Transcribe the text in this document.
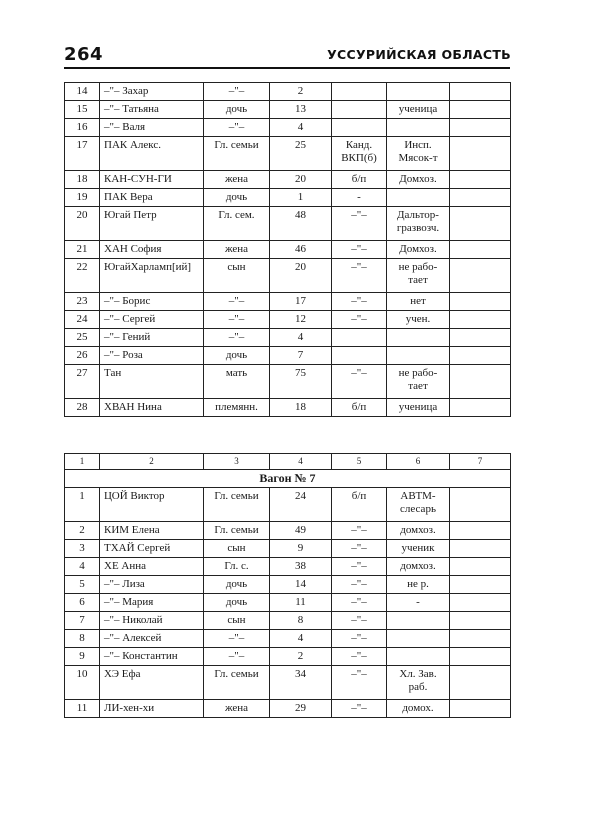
264	УССУРИЙСКАЯ ОБЛАСТЬ
14	–"– Захар	–"–	2			
15	–"– Татьяна	дочь	13		ученица	
16	–"– Валя	–"–	4			
17	ПАК Алекс.	Гл. семьи	25	Канд.
ВКП(б)	Инсп.
Мясок-т	
18	КАН-СУН-ГИ	жена	20	б/п	Домхоз.	
19	ПАК Вера	дочь	1	-		
20	Югай Петр	Гл. сем.	48	–"–	Дальтор-
гразвозч.	
21	ХАН София	жена	46	–"–	Домхоз.	
22	ЮгайХарламп[ий]	сын	20	–"–	не рабо-
тает	
23	–"– Борис	–"–	17	–"–	нет	
24	–"– Сергей	–"–	12	–"–	учен.	
25	–"– Гений	–"–	4			
26	–"– Роза	дочь	7			
27	Тан	мать	75	–"–	не рабо-
тает	
28	ХВАН Нина	племянн.	18	б/п	ученица	
1	2	3	4	5	6	7
Вагон № 7						
1	ЦОЙ Виктор	Гл. семьи	24	б/п	АВТМ-
слесарь	
2	КИМ Елена	Гл. семьи	49	–"–	домхоз.	
3	ТХАЙ Сергей	сын	9	–"–	ученик	
4	ХЕ Анна	Гл. с.	38	–"–	домхоз.	
5	–"– Лиза	дочь	14	–"–	не р.	
6	–"– Мария	дочь	11	–"–	-	
7	–"– Николай	сын	8	–"–		
8	–"– Алексей	–"–	4	–"–		
9	–"– Константин	–"–	2	–"–		
10	ХЭ Ефа	Гл. семьи	34	–"–	Хл. Зав.
раб.	
11	ЛИ-хен-хи	жена	29	–"–	домох.	
